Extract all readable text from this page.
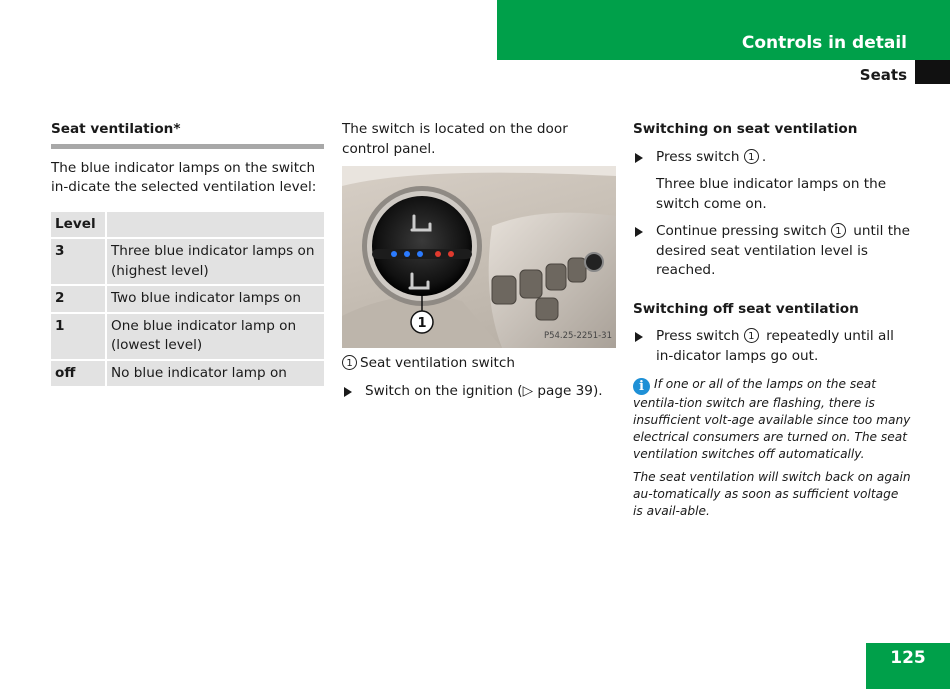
Controls in detail
Seats
Seat ventilation*

The blue indicator lamps on the switch in-dicate the selected ventilation level:

Level	
3	Three blue indicator lamps on (highest level)
2	Two blue indicator lamps on
1	One blue indicator lamp on (lowest level)
off	No blue indicator lamp on

The switch is located on the door control panel.

1
P54.25-2251-31

1 Seat ventilation switch

Switch on the ignition (▷ page 39).
Switching on seat ventilation
Press switch 1 .

Three blue indicator lamps on the switch come on.

Continue pressing switch 1 until the desired seat ventilation level is reached.
Switching off seat ventilation
Press switch 1 repeatedly until all in-dicator lamps go out.

i If one or all of the lamps on the seat ventila-tion switch are flashing, there is insufficient volt-age available since too many electrical consumers are turned on. The seat ventilation switches off automatically.

The seat ventilation will switch back on again au-tomatically as soon as sufficient voltage is avail-able.

125
